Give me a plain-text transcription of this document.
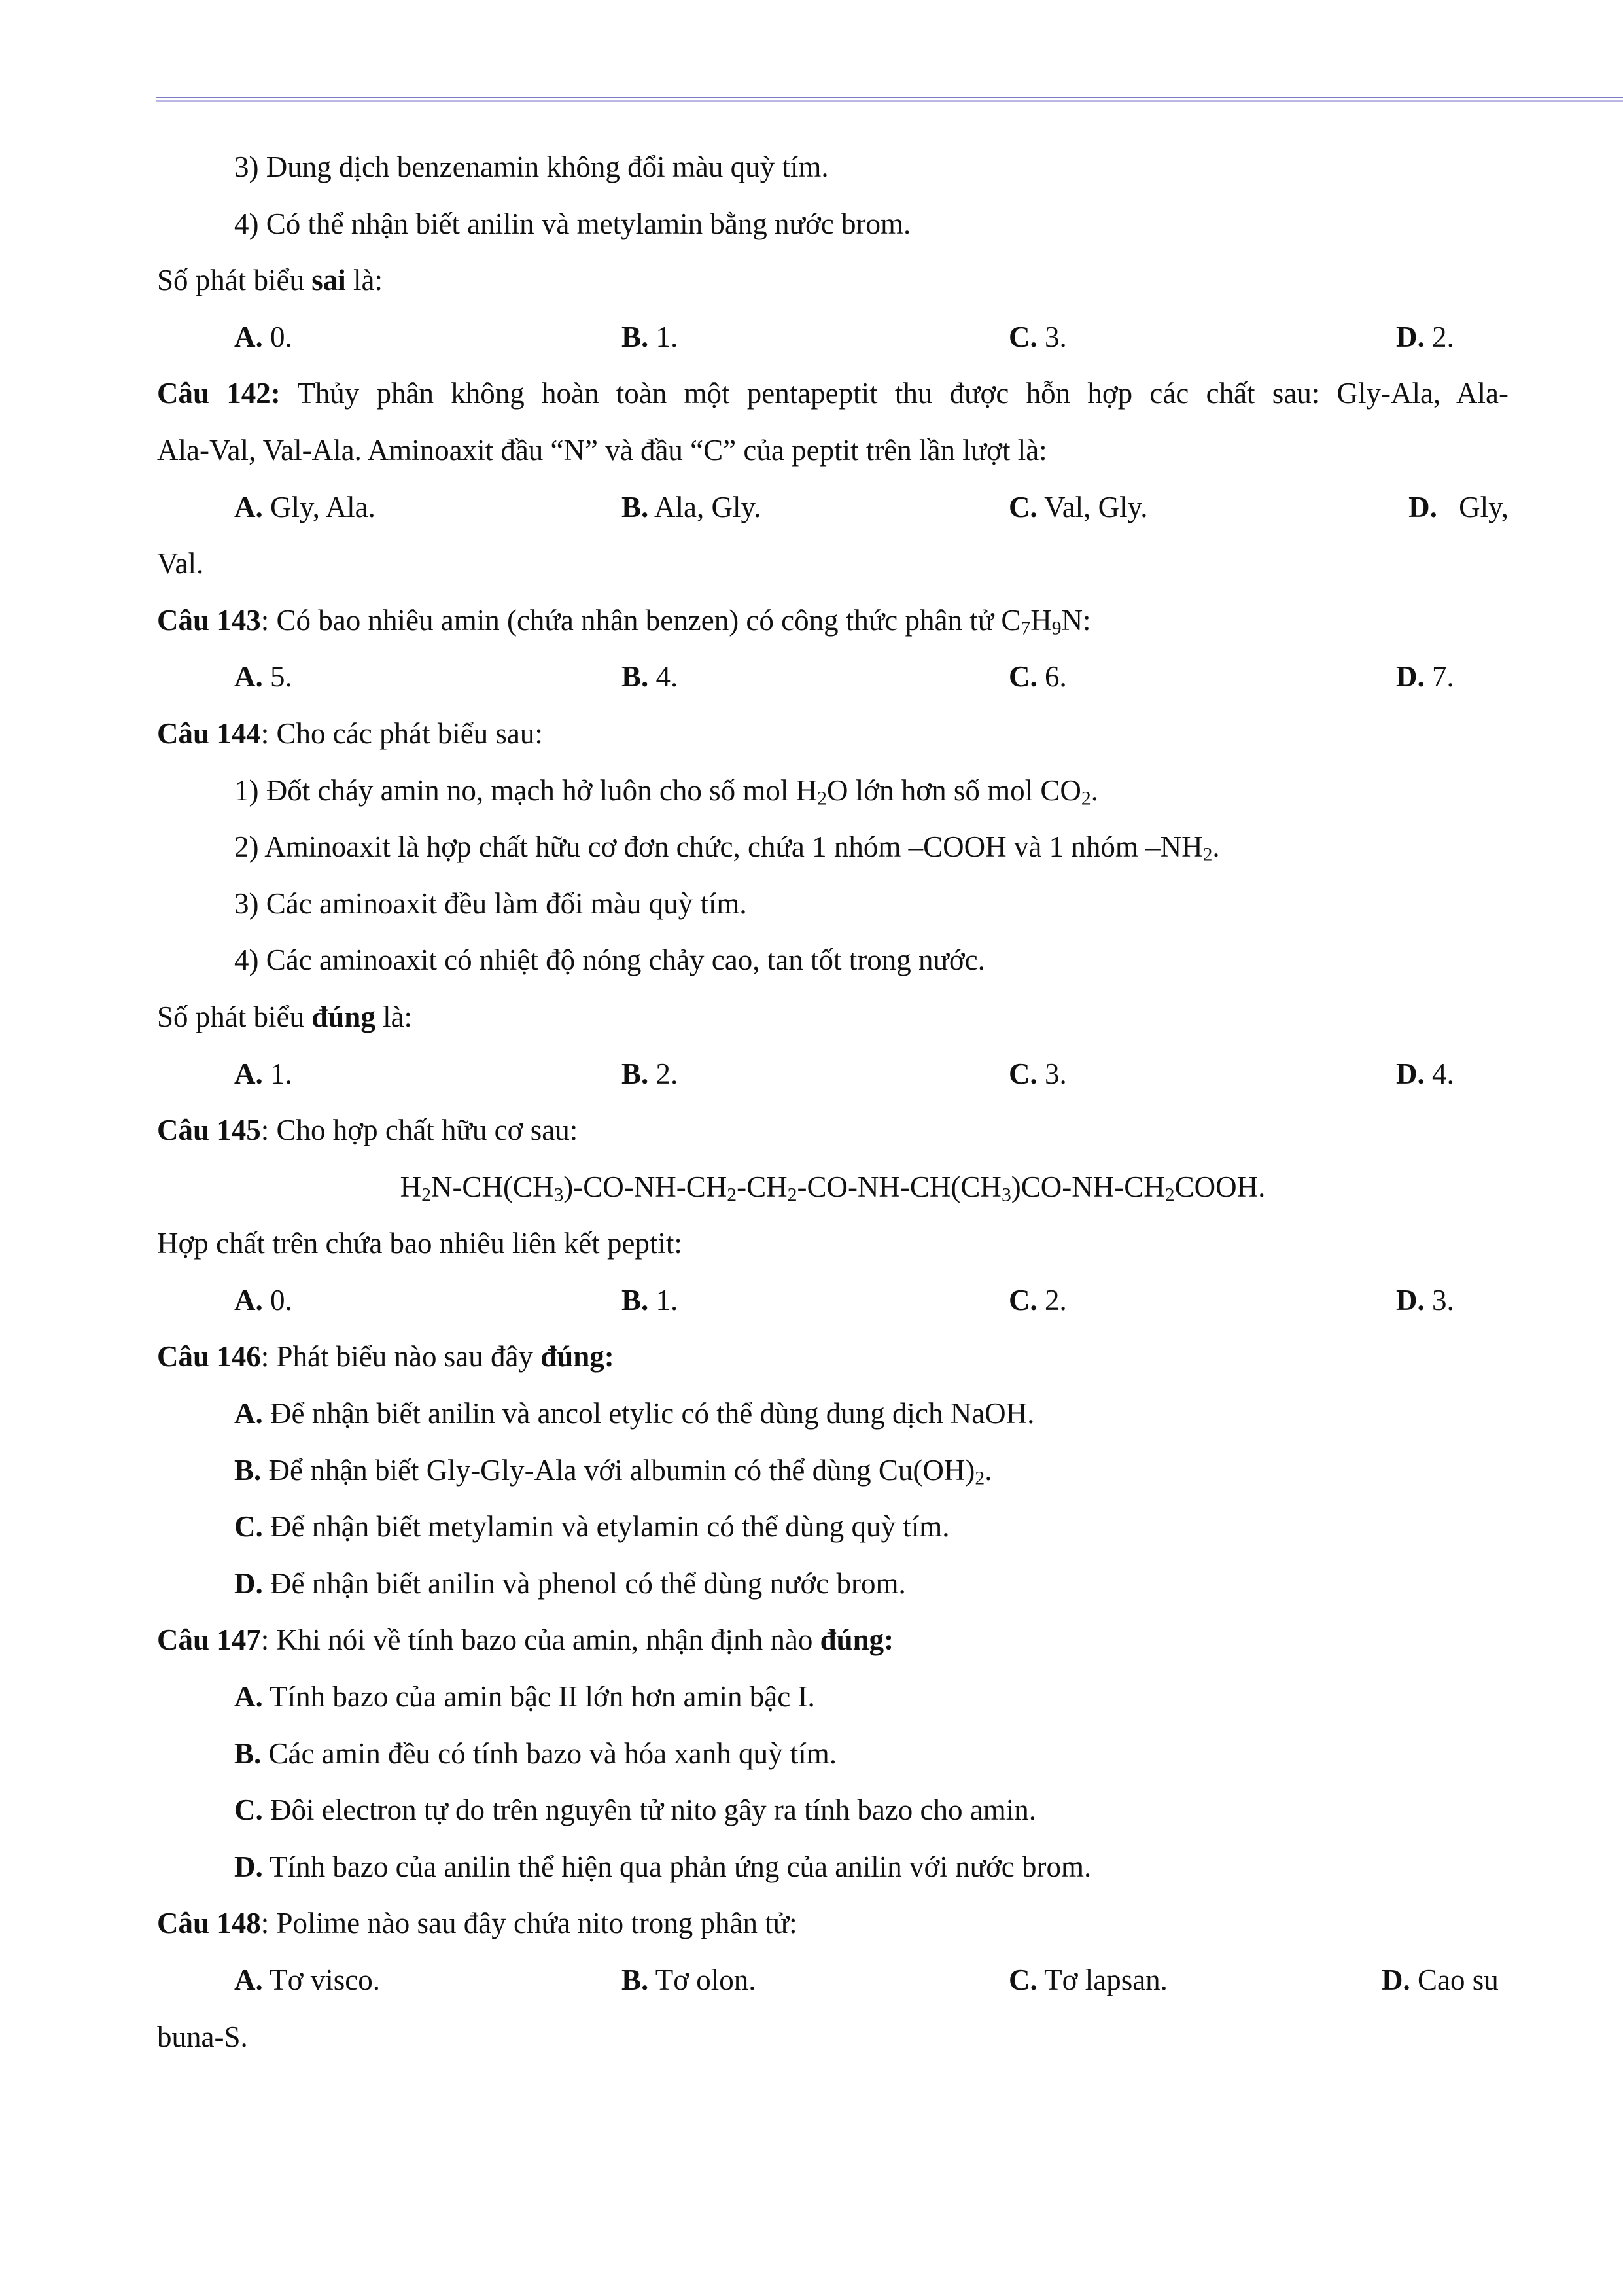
3) Dung dịch benzenamin không đổi màu quỳ tím.
4) Có thể nhận biết anilin và metylamin bằng nước brom.
Số phát biểu sai là:
A. 0.	B. 1.	C. 3.	D. 2.
Câu 142: Thủy phân không hoàn toàn một pentapeptit thu được hỗn hợp các chất sau: Gly-Ala, Ala-
Ala-Val, Val-Ala. Aminoaxit đầu “N” và đầu “C” của peptit trên lần lượt là:
A. Gly, Ala.	B. Ala, Gly.	C. Val, Gly.	D. Gly,
Val.
Câu 143: Có bao nhiêu amin (chứa nhân benzen) có công thức phân tử $C_7H_9N$:
A. 5.	B. 4.	C. 6.	D. 7.
Câu 144: Cho các phát biểu sau:
1) Đốt cháy amin no, mạch hở luôn cho số mol $H_2O$ lớn hơn số mol $CO_2$.
2) Aminoaxit là hợp chất hữu cơ đơn chức, chứa 1 nhóm –COOH và 1 nhóm $-NH_2$.
3) Các aminoaxit đều làm đổi màu quỳ tím.
4) Các aminoaxit có nhiệt độ nóng chảy cao, tan tốt trong nước.
Số phát biểu đúng là:
A. 1.	B. 2.	C. 3.	D. 4.
Câu 145: Cho hợp chất hữu cơ sau:
$H_2N-CH(CH_3)-CO-NH-CH_2-CH_2-CO-NH-CH(CH_3)CO-NH-CH_2COOH$.
Hợp chất trên chứa bao nhiêu liên kết peptit:
A. 0.	B. 1.	C. 2.	D. 3.
Câu 146: Phát biểu nào sau đây đúng:
A. Để nhận biết anilin và ancol etylic có thể dùng dung dịch NaOH.
B. Để nhận biết Gly-Gly-Ala với albumin có thể dùng $Cu(OH)_2$.
C. Để nhận biết metylamin và etylamin có thể dùng quỳ tím.
D. Để nhận biết anilin và phenol có thể dùng nước brom.
Câu 147: Khi nói về tính bazo của amin, nhận định nào đúng:
A. Tính bazo của amin bậc II lớn hơn amin bậc I.
B. Các amin đều có tính bazo và hóa xanh quỳ tím.
C. Đôi electron tự do trên nguyên tử nito gây ra tính bazo cho amin.
D. Tính bazo của anilin thể hiện qua phản ứng của anilin với nước brom.
Câu 148: Polime nào sau đây chứa nito trong phân tử:
A. Tơ visco.	B. Tơ olon.	C. Tơ lapsan.	D. Cao su
buna-S.
